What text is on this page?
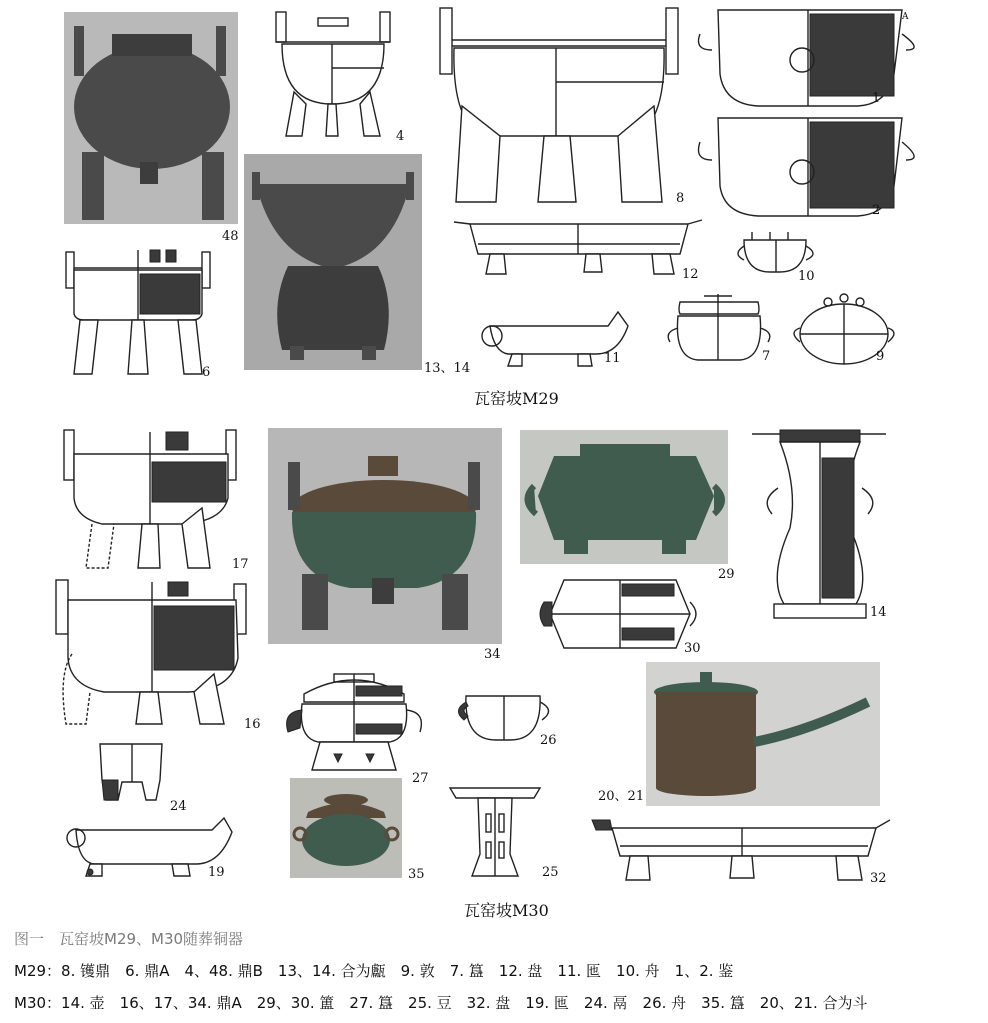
48
4
8
1
A
2
6	13、14
12	10
11	7	9
瓦窑坡M29
17
34
29
14
16
30
27
26
20、21
24
19	35	25	32
瓦窑坡M30
图一　瓦窑坡M29、M30随葬铜器
M29：8. 镬鼎　6. 鼎A　4、48. 鼎B　13、14. 合为甗　9. 敦　7. 簋　12. 盘　11. 匜　10. 舟　1、2. 鉴
M30：14. 壶　16、17、34. 鼎A　29、30. 簠　27. 簋　25. 豆　32. 盘　19. 匜　24. 鬲　26. 舟　35. 簋　20、21. 合为斗
